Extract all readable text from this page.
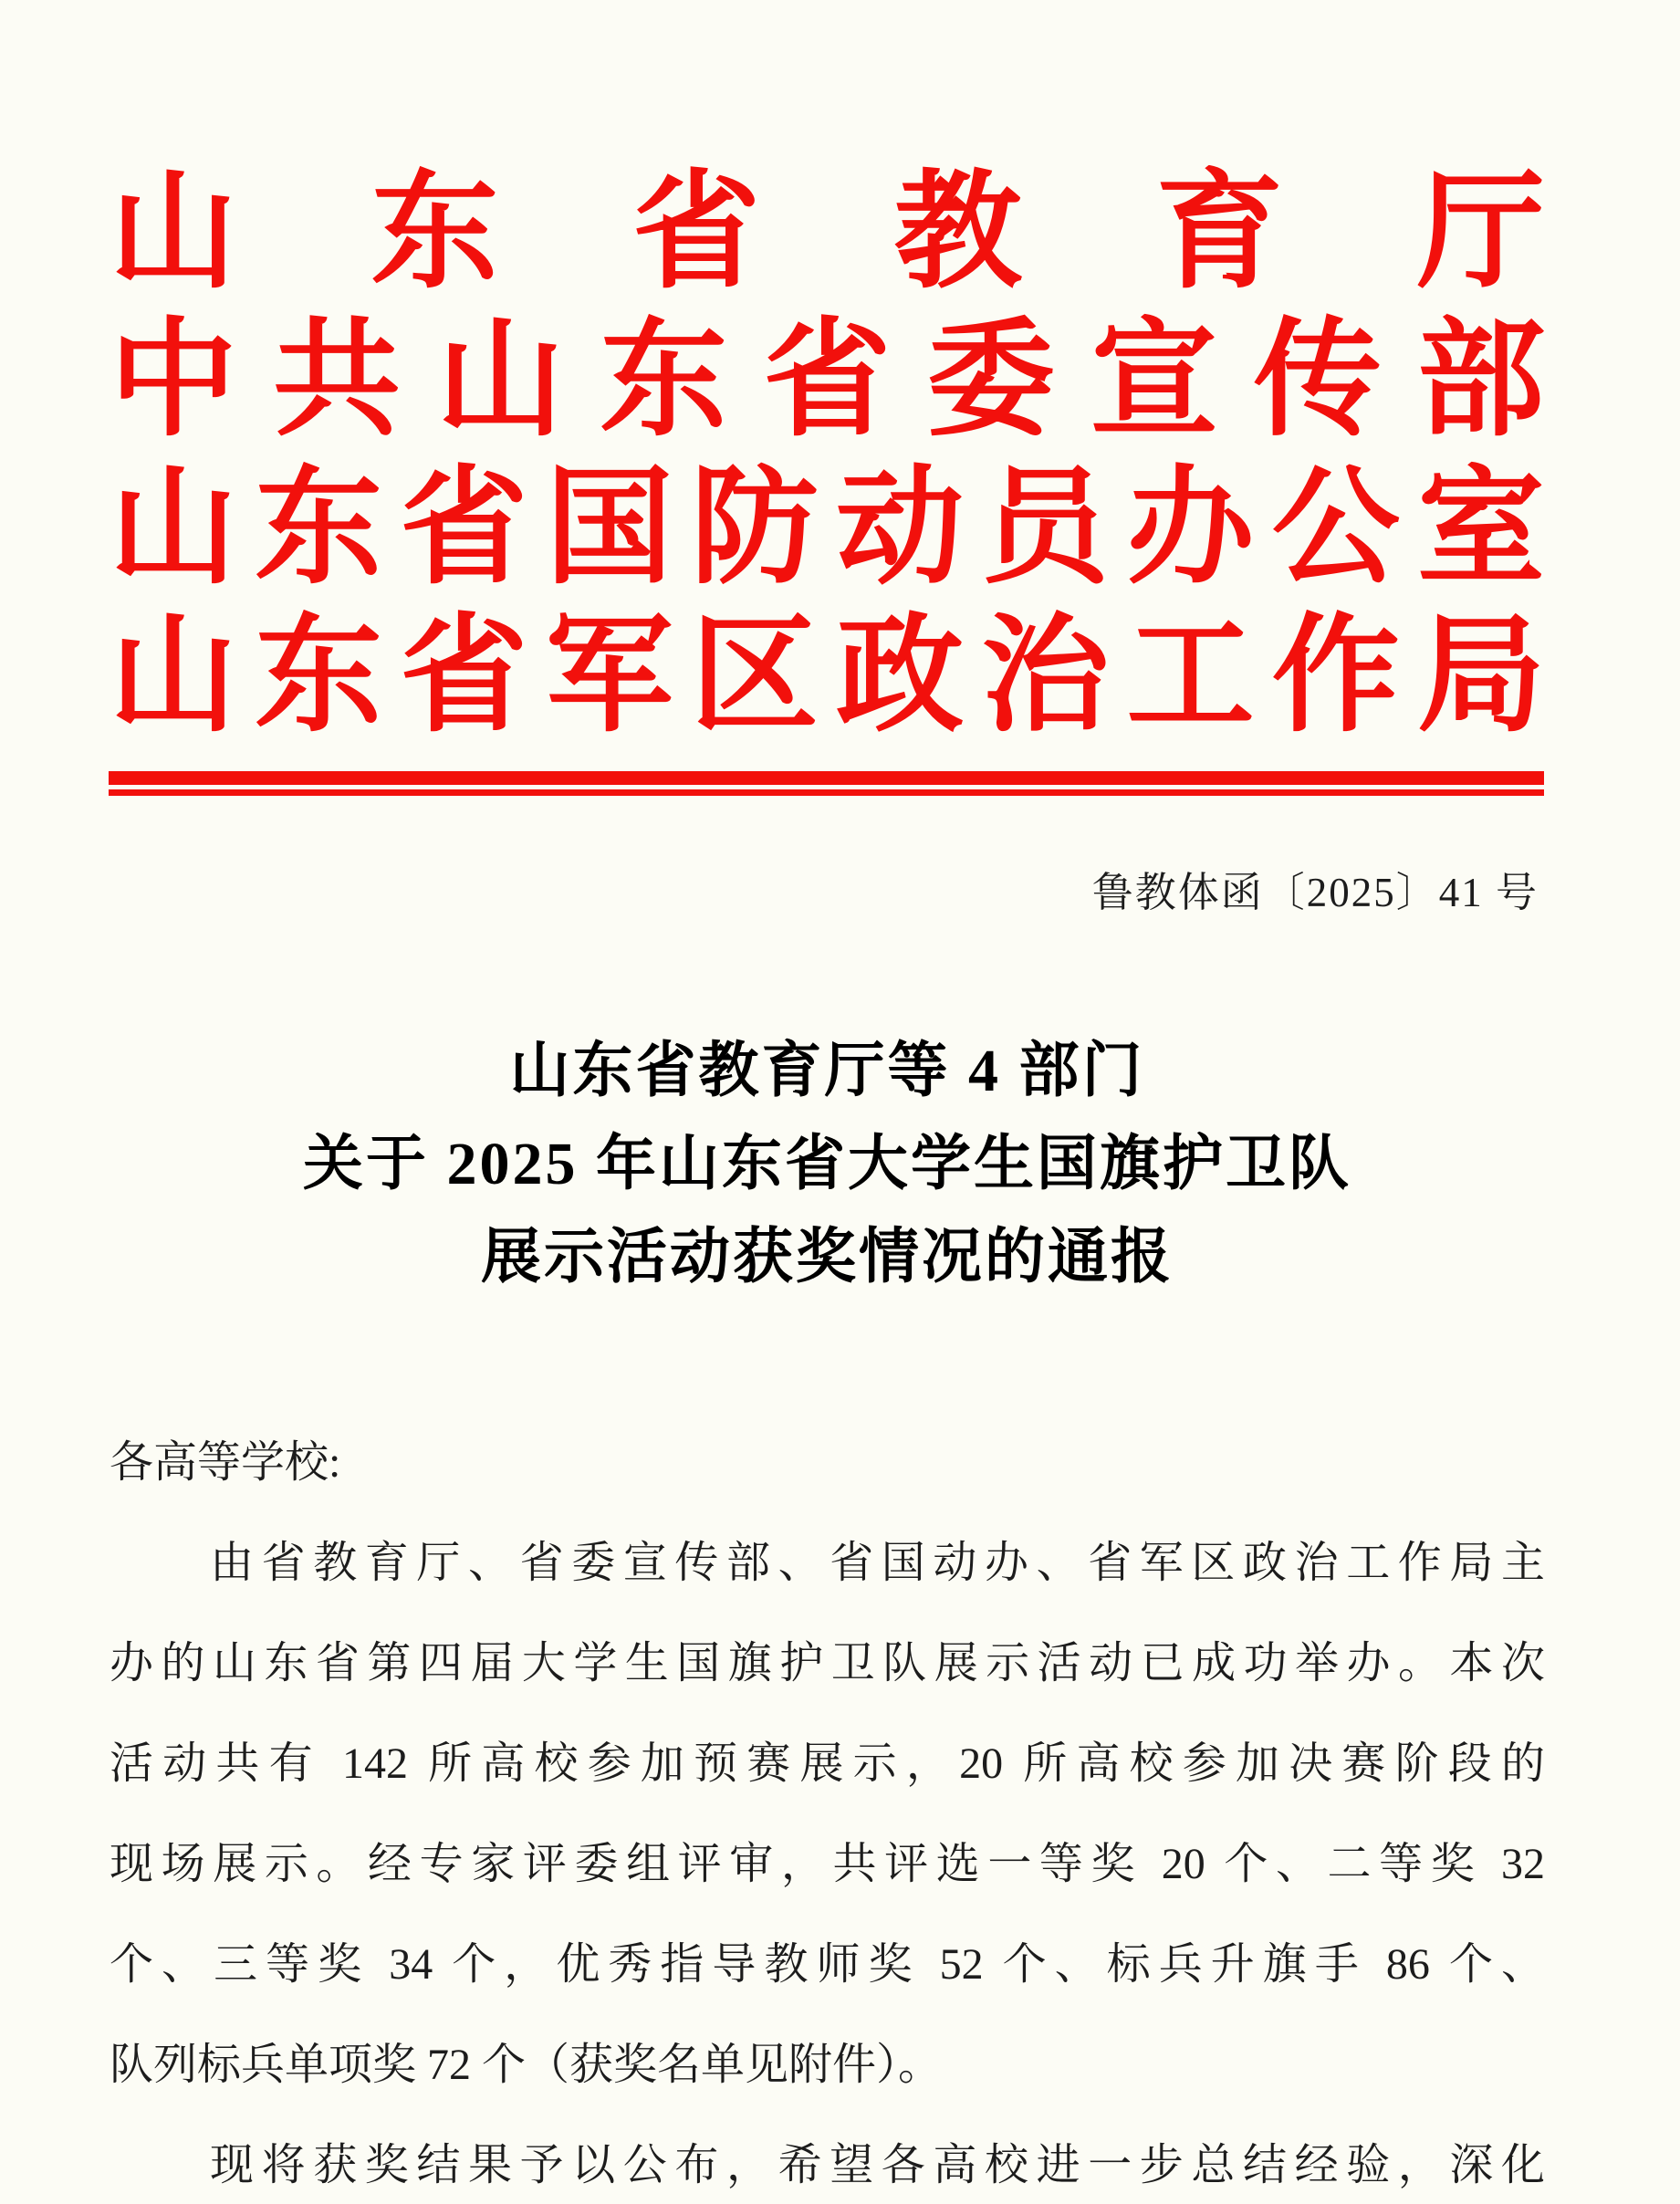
山东省教育厅
中共山东省委宣传部
山东省国防动员办公室
山东省军区政治工作局
鲁教体函〔2025〕41 号
山东省教育厅等 4 部门
关于 2025 年山东省大学生国旗护卫队
展示活动获奖情况的通报
各高等学校:
由省教育厅、省委宣传部、省国动办、省军区政治工作局主
办的山东省第四届大学生国旗护卫队展示活动已成功举办。本次
活动共有 142 所高校参加预赛展示，20 所高校参加决赛阶段的
现场展示。经专家评委组评审，共评选一等奖 20 个、二等奖 32
个、三等奖 34 个，优秀指导教师奖 52 个、标兵升旗手 86 个、
队列标兵单项奖 72 个（获奖名单见附件）。
现将获奖结果予以公布，希望各高校进一步总结经验，深化
